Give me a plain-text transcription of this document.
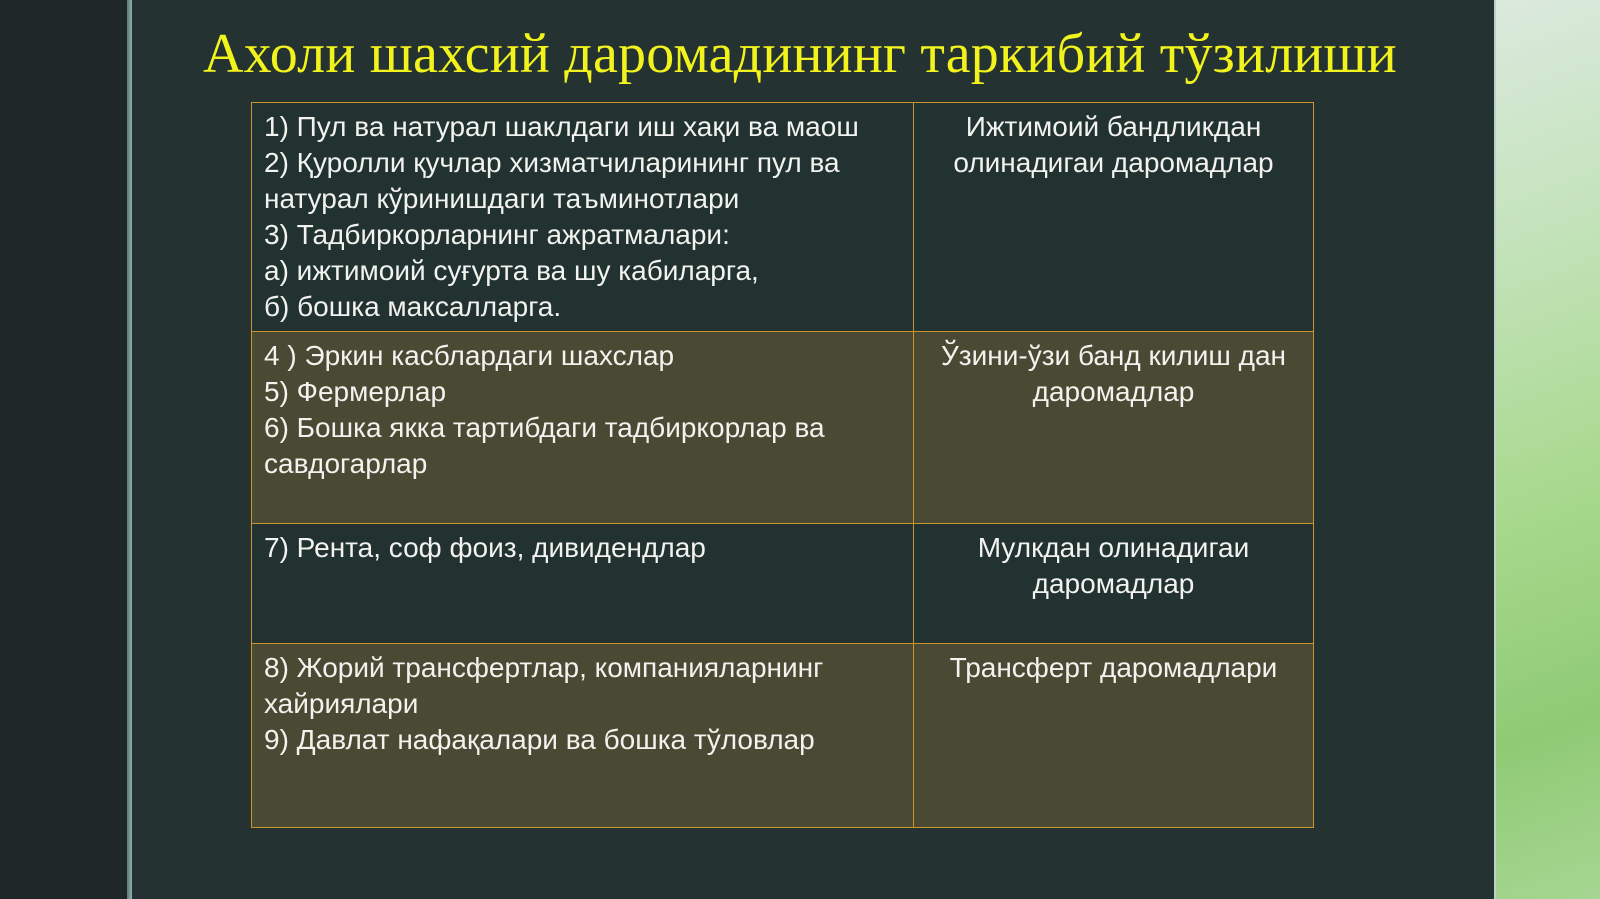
Ахоли шахсий даромадининг таркибий тўзилиши
1) Пул ва натурал шаклдаги иш хақи ва маош
2) Қуролли қучлар хизматчиларининг пул ва натурал кўринишдаги таъминотлари
3) Тадбиркорларнинг ажратмалари:
а) ижтимоий суғурта ва шу кабиларга,
б) бошка максалларга.	Ижтимоий бандликдан олинадигаи даромадлар

4 ) Эркин касблардаги шахслар
5) Фермерлар
6) Бошка якка тартибдаги тадбиркорлар ва савдогарлар	Ўзини-ўзи банд килиш дан даромадлар

7) Рента, соф фоиз, дивидендлар	Мулкдан олинадигаи даромадлар

8) Жорий трансфертлар, компанияларнинг хайриялари
9) Давлат нафақалари ва бошка тўловлар	Трансферт даромадлари
